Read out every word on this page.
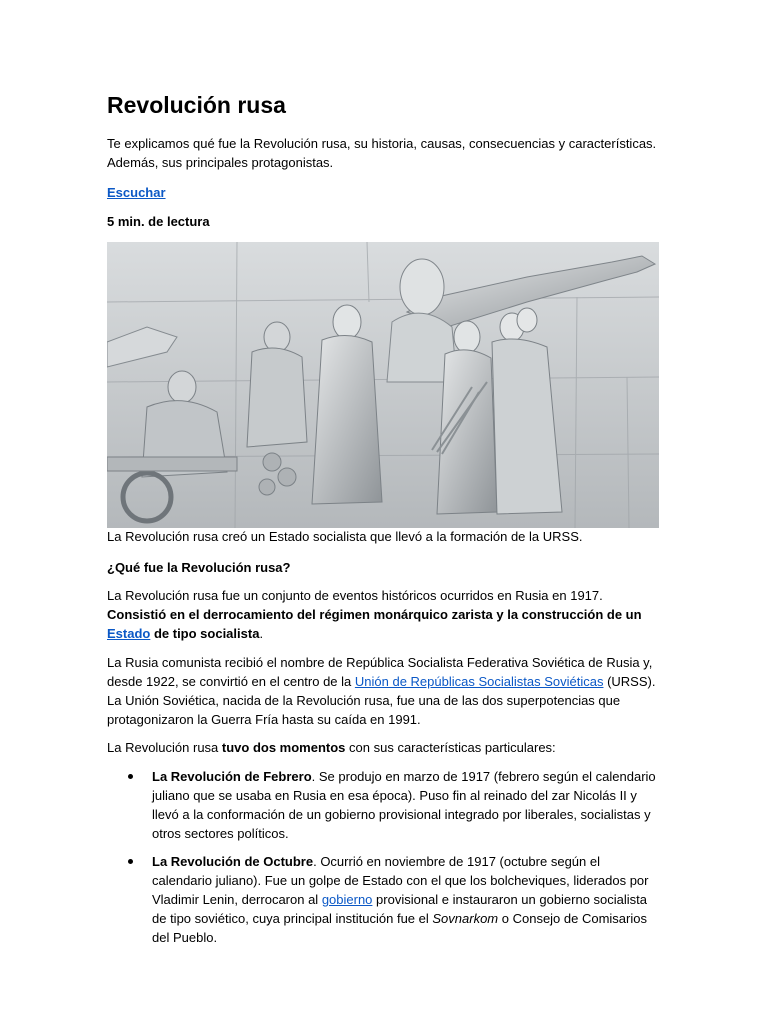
Revolución rusa

Te explicamos qué fue la Revolución rusa, su historia, causas, consecuencias y características. Además, sus principales protagonistas.

Escuchar

5 min. de lectura

La Revolución rusa creó un Estado socialista que llevó a la formación de la URSS.

¿Qué fue la Revolución rusa?

La Revolución rusa fue un conjunto de eventos históricos ocurridos en Rusia en 1917. Consistió en el derrocamiento del régimen monárquico zarista y la construcción de un Estado de tipo socialista.

La Rusia comunista recibió el nombre de República Socialista Federativa Soviética de Rusia y, desde 1922, se convirtió en el centro de la Unión de Repúblicas Socialistas Soviéticas (URSS). La Unión Soviética, nacida de la Revolución rusa, fue una de las dos superpotencias que protagonizaron la Guerra Fría hasta su caída en 1991.

La Revolución rusa tuvo dos momentos con sus características particulares:

La Revolución de Febrero. Se produjo en marzo de 1917 (febrero según el calendario juliano que se usaba en Rusia en esa época). Puso fin al reinado del zar Nicolás II y llevó a la conformación de un gobierno provisional integrado por liberales, socialistas y otros sectores políticos.
La Revolución de Octubre. Ocurrió en noviembre de 1917 (octubre según el calendario juliano). Fue un golpe de Estado con el que los bolcheviques, liderados por Vladimir Lenin, derrocaron al gobierno provisional e instauraron un gobierno socialista de tipo soviético, cuya principal institución fue el Sovnarkom o Consejo de Comisarios del Pueblo.
